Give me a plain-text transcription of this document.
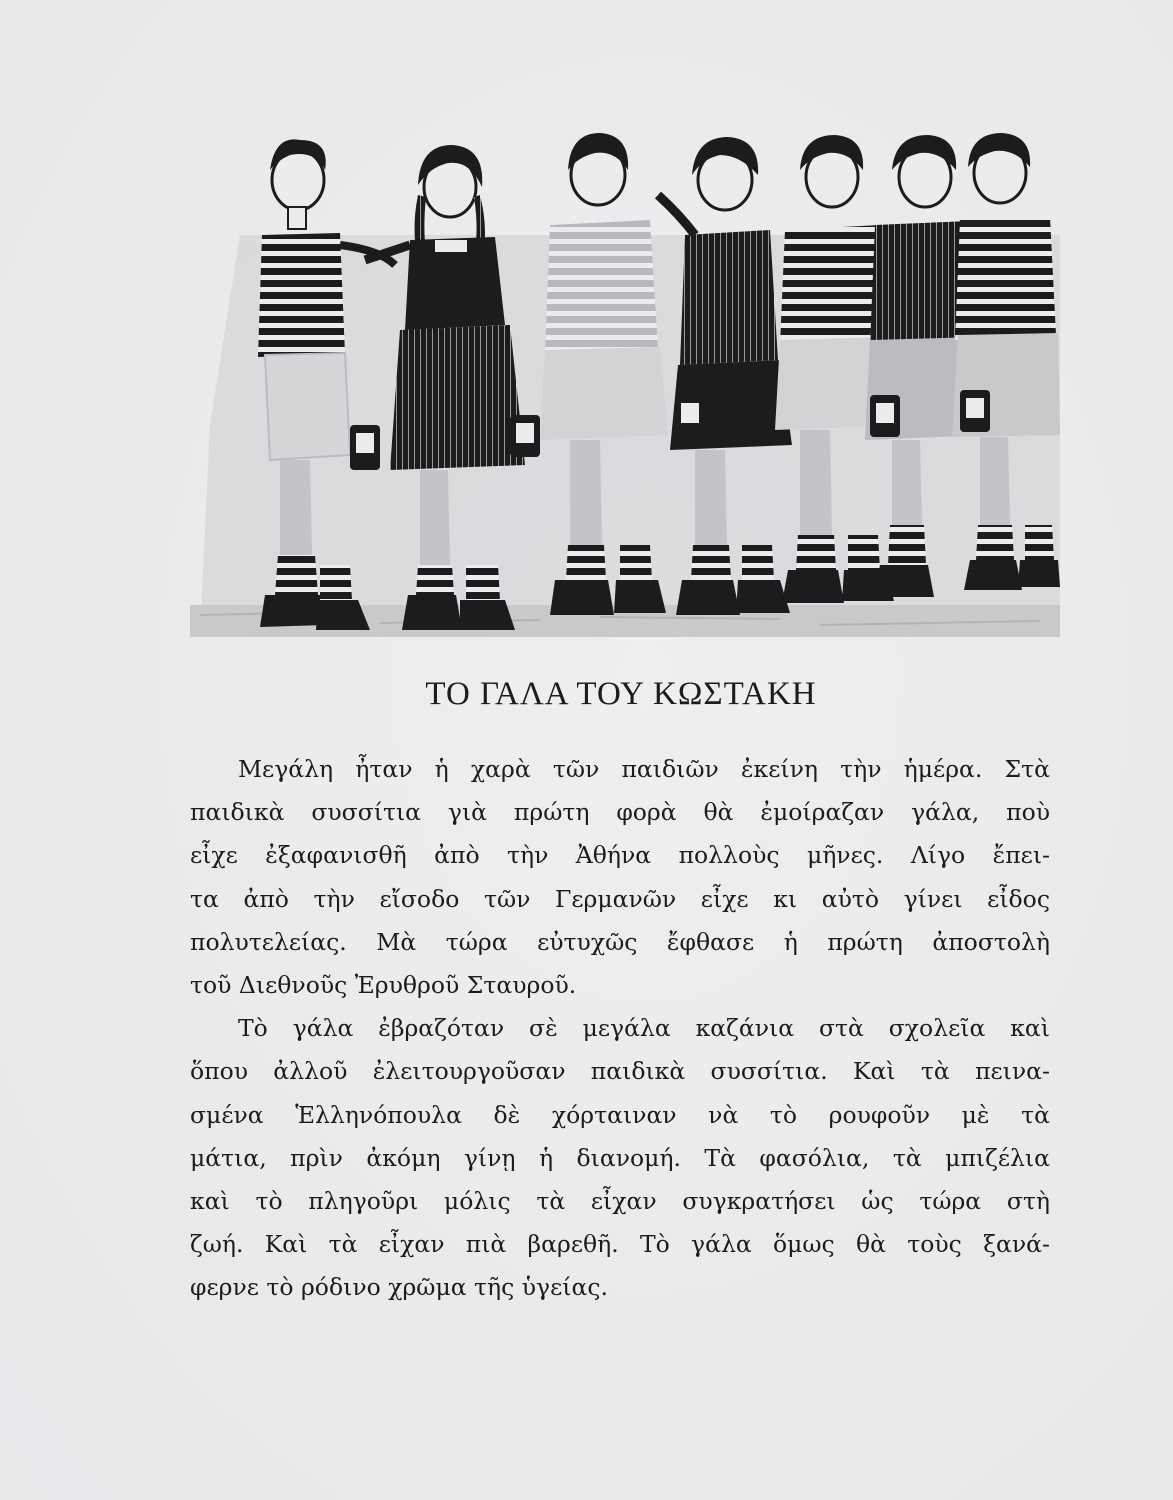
ΤΟ ΓΑΛΑ ΤΟΥ ΚΩΣΤΑΚΗ
Μεγάλη ἦταν ἡ χαρὰ τῶν παιδιῶν ἐκείνη τὴν ἡμέρα. Στὰ
παιδικὰ συσσίτια γιὰ πρώτη φορὰ θὰ ἐμοίραζαν γάλα, ποὺ
εἶχε ἐξαφανισθῆ ἀπὸ τὴν Ἀθήνα πολλοὺς μῆνες. Λίγο ἔπει-
τα ἀπὸ τὴν εἴσοδο τῶν Γερμανῶν εἶχε κι αὐτὸ γίνει εἶδος
πολυτελείας. Μὰ τώρα εὐτυχῶς ἔφθασε ἡ πρώτη ἀποστολὴ
τοῦ Διεθνοῦς Ἐρυθροῦ Σταυροῦ.
Τὸ γάλα ἐβραζόταν σὲ μεγάλα καζάνια στὰ σχολεῖα καὶ
ὅπου ἀλλοῦ ἐλειτουργοῦσαν παιδικὰ συσσίτια. Καὶ τὰ πεινα-
σμένα Ἑλληνόπουλα δὲ χόρταιναν νὰ τὸ ρουφοῦν μὲ τὰ
μάτια, πρὶν ἀκόμη γίνῃ ἡ διανομή. Τὰ φασόλια, τὰ μπιζέλια
καὶ τὸ πληγοῦρι μόλις τὰ εἶχαν συγκρατήσει ὡς τώρα στὴ
ζωή. Καὶ τὰ εἶχαν πιὰ βαρεθῆ. Τὸ γάλα ὅμως θὰ τοὺς ξανά-
φερνε τὸ ρόδινο χρῶμα τῆς ὑγείας.
